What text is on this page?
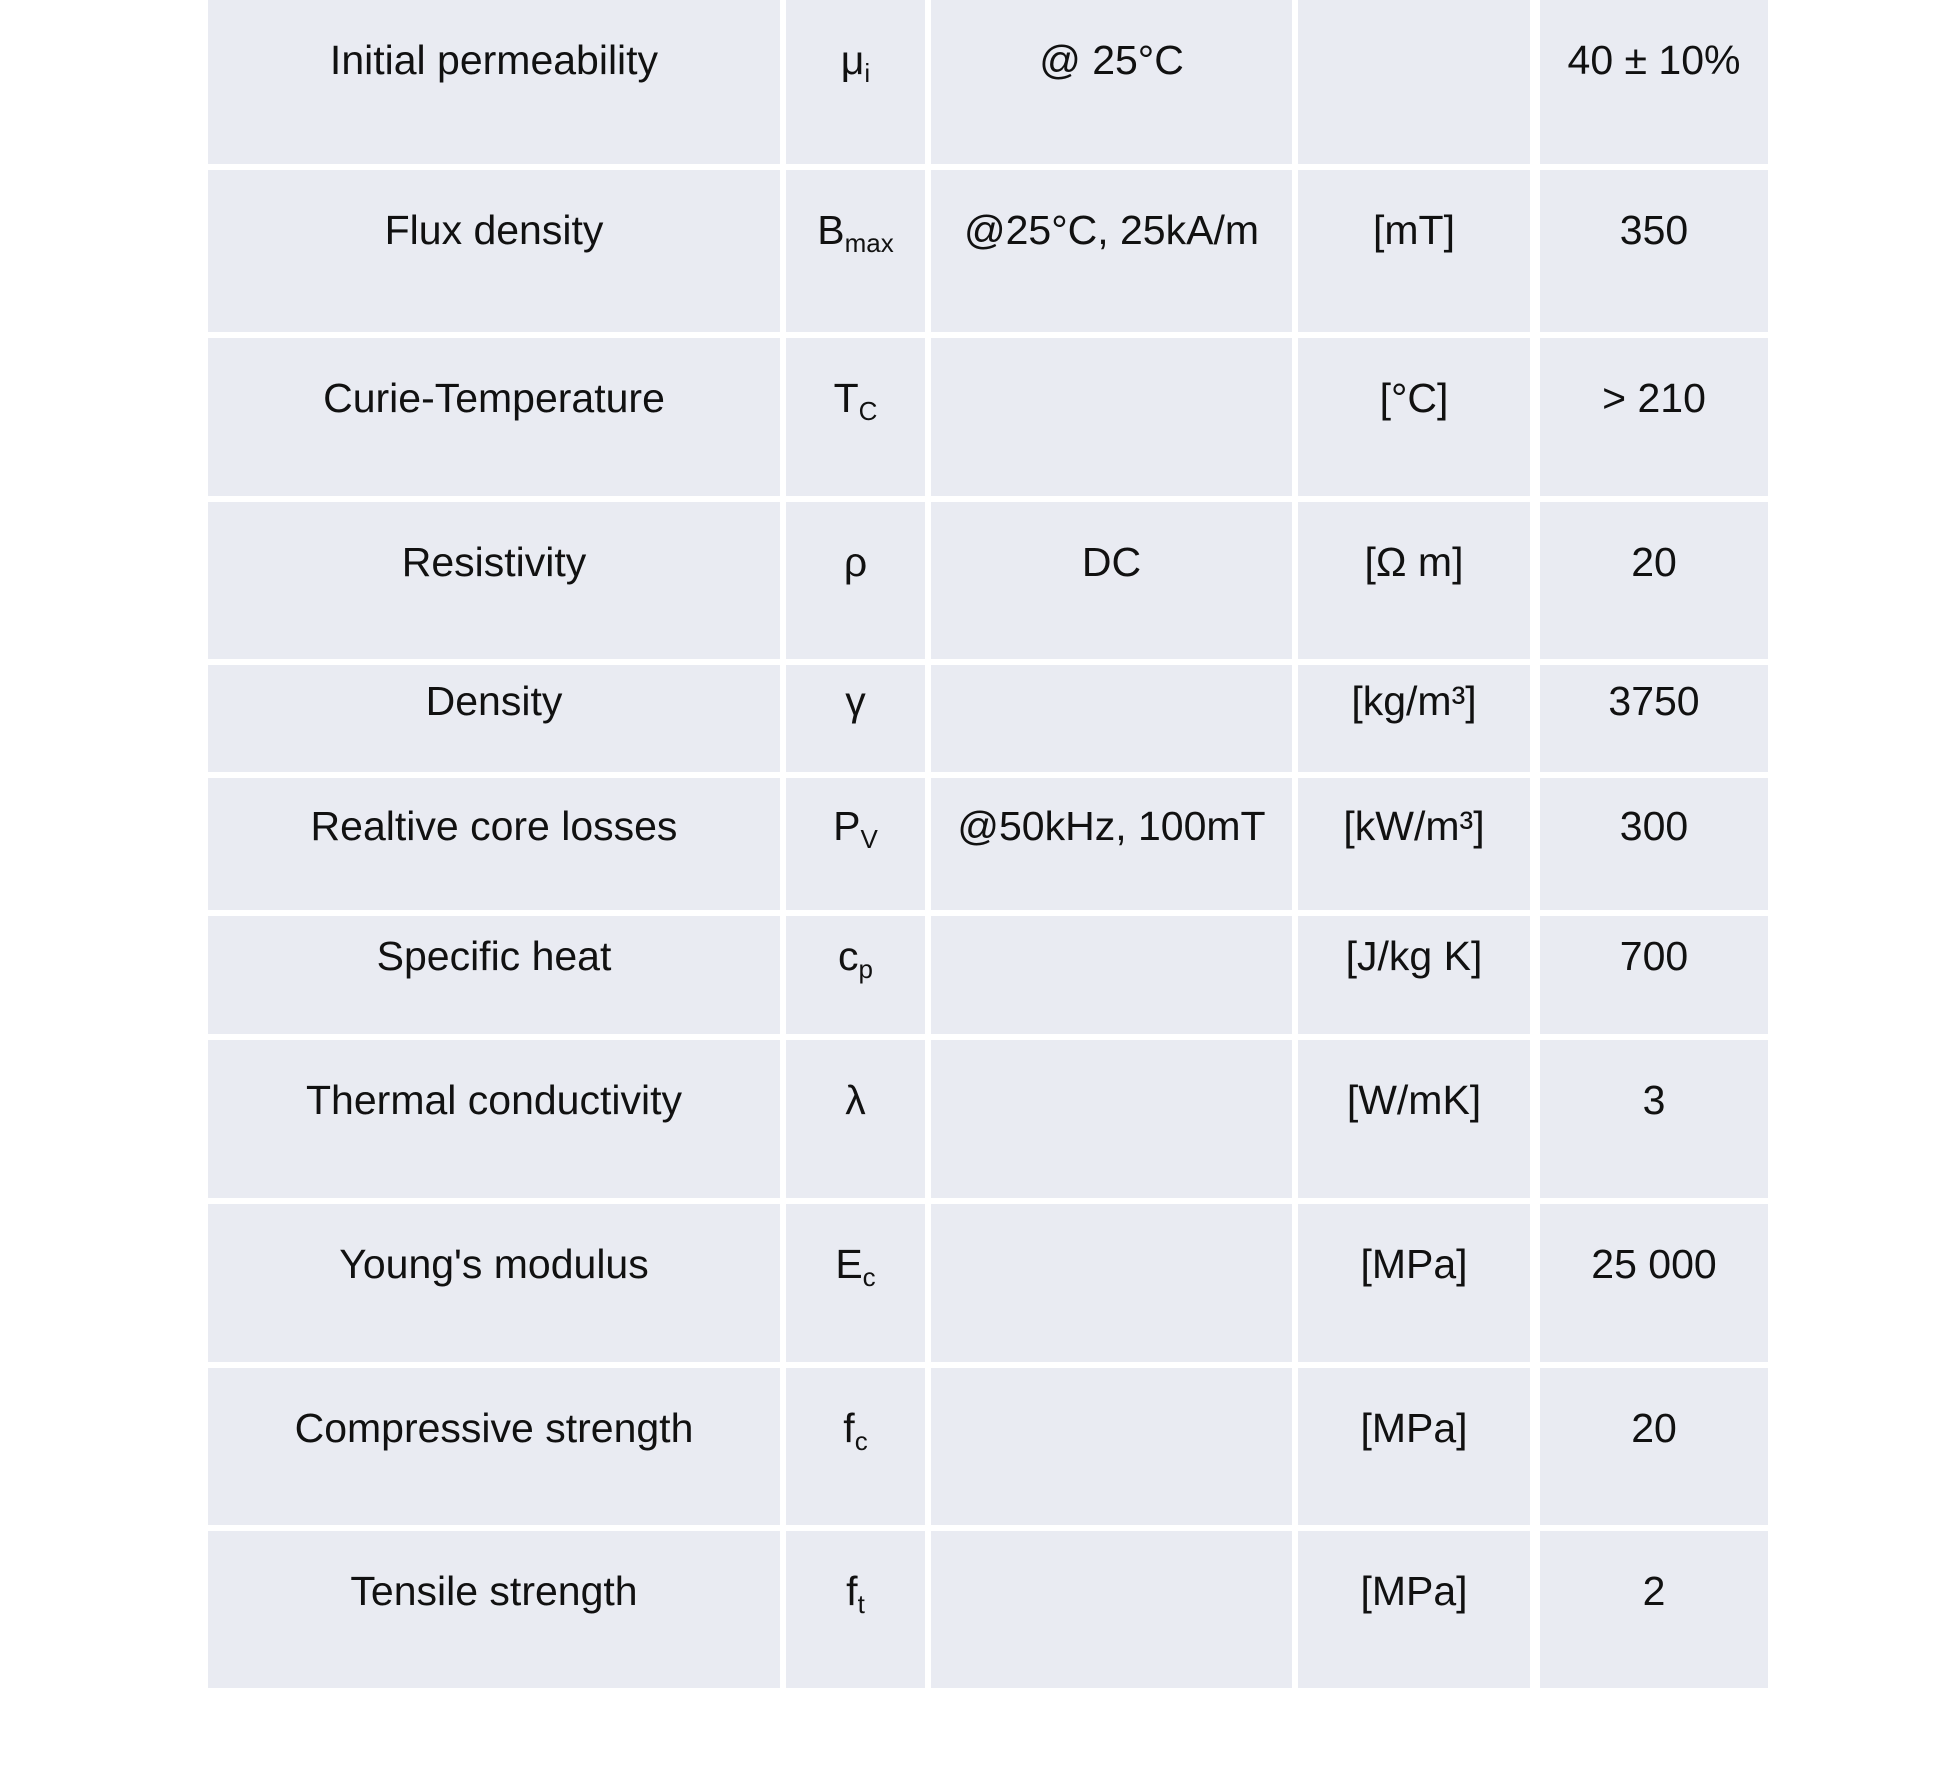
Initial permeability	$\mu_i$	@ 25°C		40 ± 10%
Flux density	$B_{max}$	@25°C, 25kA/m	[mT]	350
Curie-Temperature	$T_C$		[°C]	> 210
Resistivity	ρ	DC	[Ω m]	20
Density	γ		[kg/m³]	3750
Realtive core losses	$P_V$	@50kHz, 100mT	[kW/m³]	300
Specific heat	$c_p$		[J/kg K]	700
Thermal conductivity	λ		[W/mK]	3
Young's modulus	$E_c$		[MPa]	25 000
Compressive strength	$f_c$		[MPa]	20
Tensile strength	$f_t$		[MPa]	2
